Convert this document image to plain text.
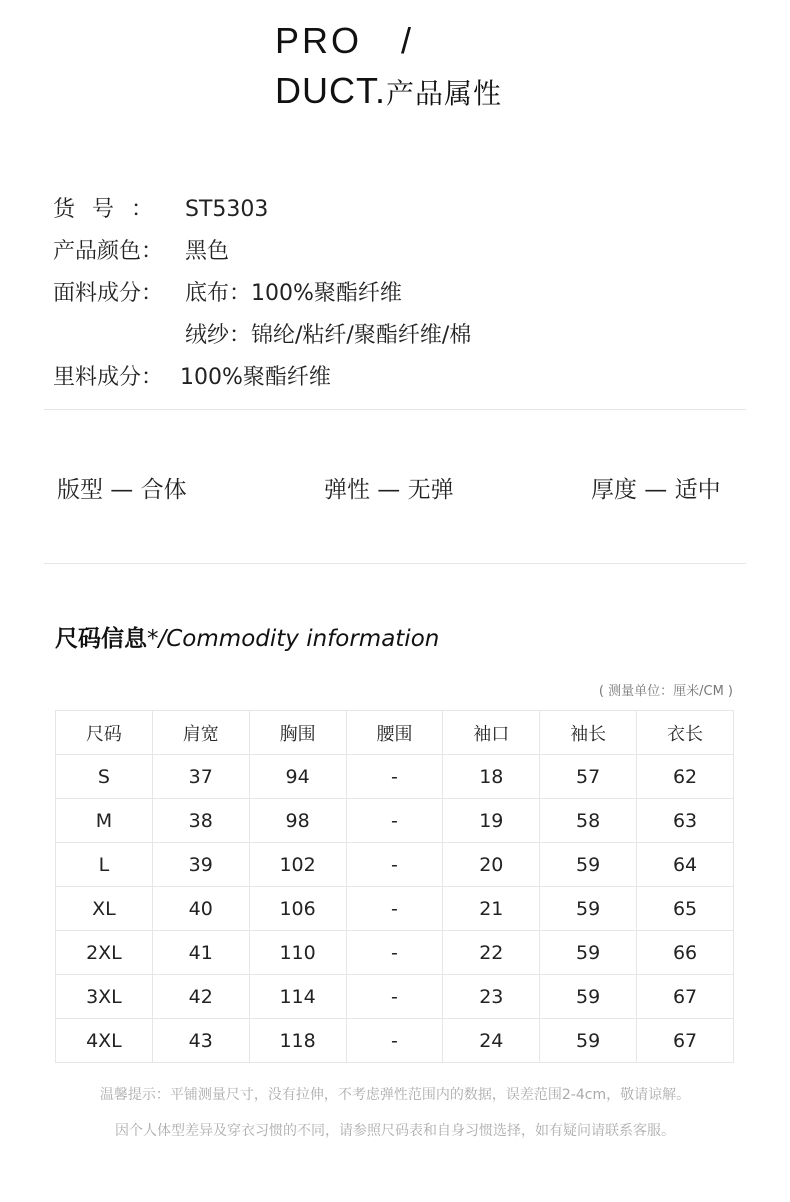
PRO   /
DUCT.产品属性
货号： ST5303
产品颜色： 黑色
面料成分： 底布：100%聚酯纤维
绒纱：锦纶/粘纤/聚酯纤维/棉
里料成分： 100%聚酯纤维
版型 — 合体	弹性 — 无弹	厚度 — 适中
尺码信息*/Commodity information
( 测量单位：厘米/CM )
尺码	肩宽	胸围	腰围	袖口	袖长	衣长
S	37	94	-	18	57	62
M	38	98	-	19	58	63
L	39	102	-	20	59	64
XL	40	106	-	21	59	65
2XL	41	110	-	22	59	66
3XL	42	114	-	23	59	67
4XL	43	118	-	24	59	67
温馨提示：平铺测量尺寸，没有拉伸，不考虑弹性范围内的数据，误差范围2-4cm，敬请谅解。
因个人体型差异及穿衣习惯的不同，请参照尺码表和自身习惯选择，如有疑问请联系客服。
